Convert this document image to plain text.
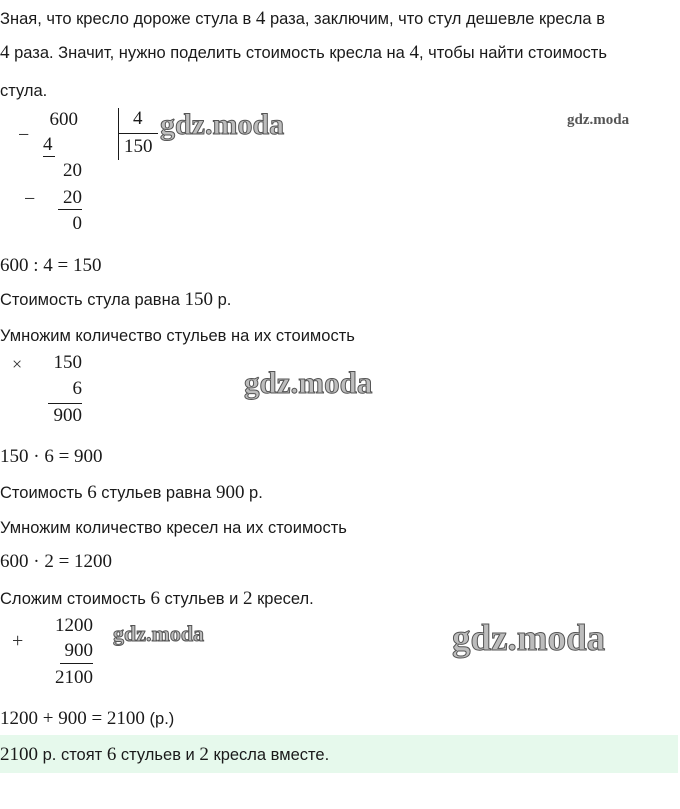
Зная, что кресло дороже стула в 4 раза, заключим, что стул дешевле кресла в
4 раза. Значит, нужно поделить стоимость кресла на 4, чтобы найти стоимость
стула.
−
600
4
20
− 20
0
4
150
gdz.moda	gdz.moda
600 : 4 = 150
Стоимость стула равна 150 р.
Умножим количество стульев на их стоимость
150
×
6
900
gdz.moda
150 · 6 = 900
Стоимость 6 стульев равна 900 р.
Умножим количество кресел на их стоимость
600 · 2 = 1200
Сложим стоимость 6 стульев и 2 кресел.
+
1200
900
2100
gdz.moda	gdz.moda
1200 + 900 = 2100 (р.)
2100 р. стоят 6 стульев и 2 кресла вместе.
